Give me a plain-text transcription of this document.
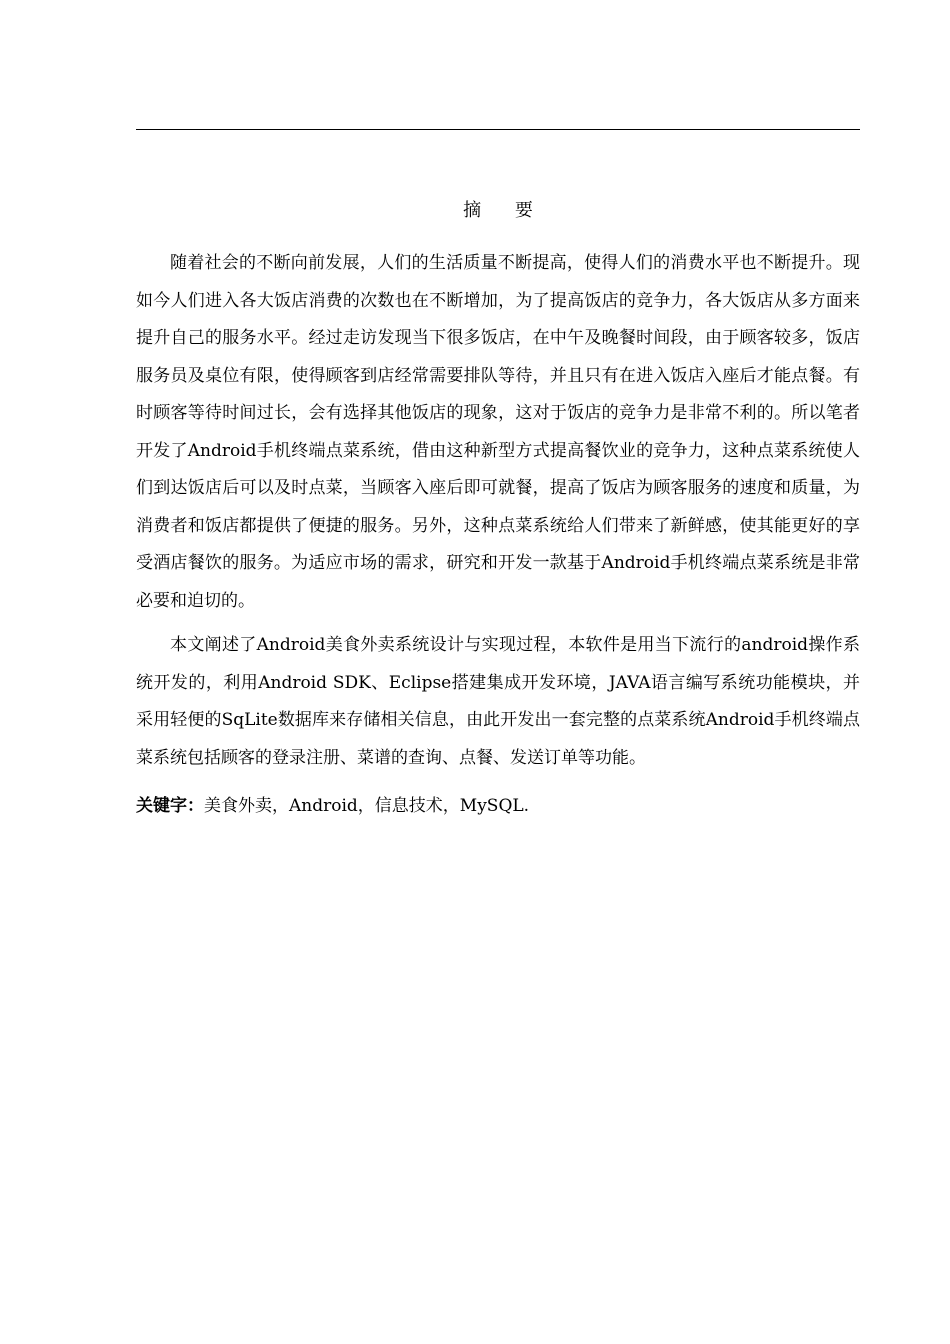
摘 要

随着社会的不断向前发展，人们的生活质量不断提高，使得人们的消费水平也不断提升。现如今人们进入各大饭店消费的次数也在不断增加，为了提高饭店的竞争力，各大饭店从多方面来提升自己的服务水平。经过走访发现当下很多饭店，在中午及晚餐时间段，由于顾客较多，饭店服务员及桌位有限，使得顾客到店经常需要排队等待，并且只有在进入饭店入座后才能点餐。有时顾客等待时间过长，会有选择其他饭店的现象，这对于饭店的竞争力是非常不利的。所以笔者开发了Android手机终端点菜系统，借由这种新型方式提高餐饮业的竞争力，这种点菜系统使人们到达饭店后可以及时点菜，当顾客入座后即可就餐，提高了饭店为顾客服务的速度和质量，为消费者和饭店都提供了便捷的服务。另外，这种点菜系统给人们带来了新鲜感，使其能更好的享受酒店餐饮的服务。为适应市场的需求，研究和开发一款基于Android手机终端点菜系统是非常必要和迫切的。

本文阐述了Android美食外卖系统设计与实现过程，本软件是用当下流行的android操作系统开发的，利用Android SDK、Eclipse搭建集成开发环境，JAVA语言编写系统功能模块，并采用轻便的SqLite数据库来存储相关信息，由此开发出一套完整的点菜系统Android手机终端点菜系统包括顾客的登录注册、菜谱的查询、点餐、发送订单等功能。

关键字：美食外卖，Android，信息技术，MySQL.
